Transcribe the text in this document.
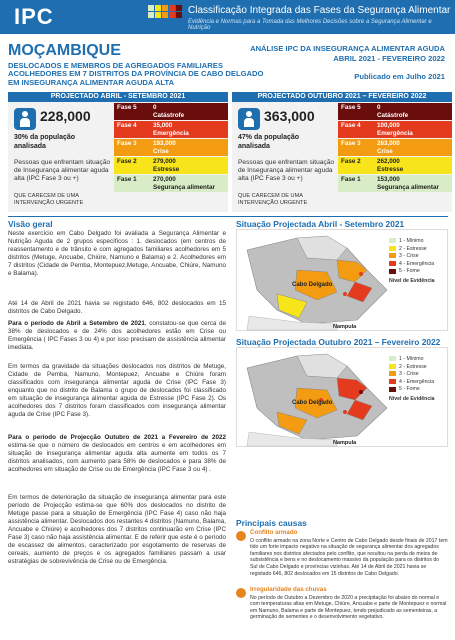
IPC	Classificação Integrada das Fases da Segurança Alimentar
Evidência e Normas para a Tomada das Melhores Decisões sobre a Segurança Alimentar e Nutrição
MOÇAMBIQUE
DESLOCADOS E MEMBROS DE AGREGADOS FAMILIARES ACOLHEDORES EM 7 DISTRITOS DA PROVÍNCIA DE CABO DELGADO EM INSEGURANÇA ALIMENTAR AGUDA ALTA
ANÁLISE IPC DA INSEGURANÇA ALIMENTAR AGUDA
ABRIL 2021 - FEVEREIRO 2022
Publicado em Julho 2021
PROJECTADO ABRIL - SETEMBRO 2021
228,000
30% da população
analisada
Pessoas que enfrentam situação de Insegurança alimentar aguda alta (IPC Fase 3 ou +)
QUE CARECEM DE UMA INTERVENÇÃO URGENTE
Fase 5	0
Catástrofe

Fase 4	35,000
Emergência

Fase 3	193,000
Crise

Fase 2	279,000
Estresse

Fase 1	270,000
Segurança alimentar
PROJECTADO OUTUBRO 2021 – FEVEREIRO 2022
363,000
47% da população
analisada
Pessoas que enfrentam situação de Insegurança alimentar aguda alta (IPC Fase 3 ou +)
QUE CARECEM DE UMA INTERVENÇÃO URGENTE
Fase 5	0
Catástrofe

Fase 4	100,000
Emergência

Fase 3	263,000
Crise

Fase 2	262,000
Estresse

Fase 1	153,000
Segurança alimentar
Visão geral
Neste exercício em Cabo Delgado foi avaliada a Segurança Alimentar e Nutrição Aguda de 2 grupos específicos : 1. deslocados (em centros de reassentamento e de trânsito e com agregados familiares acolhedores em 5 distritos (Metuge, Ancuabe, Chiúre, Namuno e Balama) e 2. Acolhedores em 7 distritos (Cidade de Pemba, Montepuez,Metuge, Ancuabe, Chiúre, Namuno e Balama).
Até 14 de Abril de 2021 havia se registado 646, 802 deslocados em 15 distritos de Cabo Delgado.
Para o período de Abril a Setembro de 2021, constatou-se que cerca de 38% de deslocados e de 24% dos acolhedores estão em Crise ou Emergência ( IPC Fases 3 ou 4) e por isso precisam de assistência alimentar imediata.
Em termos da gravidade da situações deslocados nos distritos de Metuge, Cidade de Pemba, Namuno, Montepuez, Ancuabe e Chiúre foram classificados com insegurança alimentar aguda de Crise (IPC Fase 3) enquanto que no distrito de Balama o grupo de deslocados foi classificado em situação de insegurança alimentar aguda de Estresse (IPC Fase 2). Os acolhedores dos 7 distritos foram classificados com insegurança alimentar aguda de Crise (IPC Fase 3).
Para o período de Projecção Outubro de 2021 a Fevereiro de 2022 estima-se que o número de deslocados em centros e em acolhedores em situação de insegurança alimentar aguda alta aumente em todos os 7 distritos analisados, com aumento para 58% de deslocados e para 38% de acolhedores em situação de Crise ou de Emergência (IPC Fase 3 ou 4) .
Em termos de deterioração da situação de insegurança alimentar para este período de Projecção estima-se que 60% dos deslocados no distrito de Metuge passe para a situação de Emergência (IPC Fase 4) caso não haja assistência alimentar. Deslocados dos restantes 4 distritos (Namuno, Balama, Ancuabe e Chiúre) e acolhedores dos 7 distritos continuarão em Crise (IPC Fase 3) caso não haja assistência alimentar. E de referir que este é o período de escassez de alimentos, caracterizado por esgotamento de reservas de cereais, aumento de preços e os agregados familiares passam a usar estratégias de sobrevivência de Crise ou de Emergência.
Situação Projectada Abril - Setembro 2021
Cabo Delgado
Nampula
1 - Mínimo
2 - Estresse
3 - Crise
4 - Emergência
5 - Fome
Nível de Evidência
Situação Projectada Outubro 2021 – Fevereiro 2022
Cabo Delgado
Nampula
1 - Mínimo
2 - Estresse
3 - Crise
4 - Emergência
5 - Fome
Nível de Evidência
Principais causas
Conflito armado
O conflito armado na zona Norte e Centro de Cabo Delgado desde finais de 2017 tem tido um forte impacto negativo na situação de segurança alimentar dos agregados familiares nos distritos afectados pelo conflito, que resultou na perda de meios de subsistência e bens e no deslocamento massivo da população para os distritos do Sul de Cabo Delgado e províncias vizinhas. Até 14 de Abril de 2021 havia se registado 646, 802 deslocados em 15 distritos de Cabo Delgado.
Irregularidade das chuvas
No período de Outubro a Dezembro de 2020 a precipitação foi abaixo do normal e com temperaturas altas em Metuge, Chiúre, Ancuabe e parte de Montepuez e normal em Namuno, Balama e parte de Montepuez, tendo prejudicado as sementeiras, a germinação de sementes e o desenvolvimento vegetativo.
